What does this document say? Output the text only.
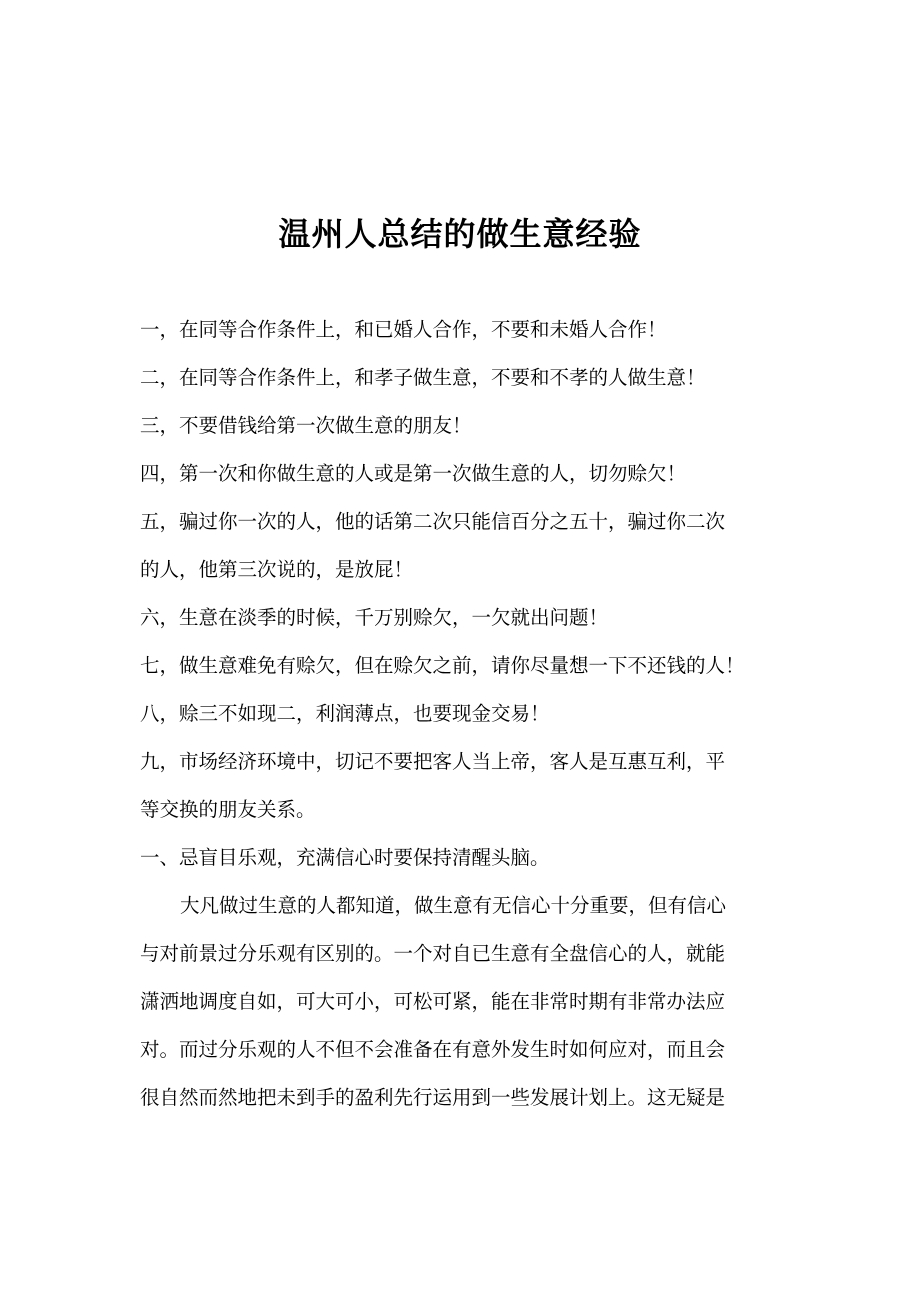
温州人总结的做生意经验
一，在同等合作条件上，和已婚人合作，不要和未婚人合作！
二，在同等合作条件上，和孝子做生意，不要和不孝的人做生意！
三，不要借钱给第一次做生意的朋友！
四，第一次和你做生意的人或是第一次做生意的人，切勿赊欠！
五，骗过你一次的人，他的话第二次只能信百分之五十，骗过你二次
的人，他第三次说的，是放屁！
六，生意在淡季的时候，千万别赊欠，一欠就出问题！
七，做生意难免有赊欠，但在赊欠之前，请你尽量想一下不还钱的人！
八，赊三不如现二，利润薄点，也要现金交易！
九，市场经济环境中，切记不要把客人当上帝，客人是互惠互利，平
等交换的朋友关系。
一、忌盲目乐观，充满信心时要保持清醒头脑。
大凡做过生意的人都知道，做生意有无信心十分重要，但有信心
与对前景过分乐观有区别的。一个对自已生意有全盘信心的人，就能
潇洒地调度自如，可大可小，可松可紧，能在非常时期有非常办法应
对。而过分乐观的人不但不会准备在有意外发生时如何应对，而且会
很自然而然地把未到手的盈利先行运用到一些发展计划上。这无疑是
